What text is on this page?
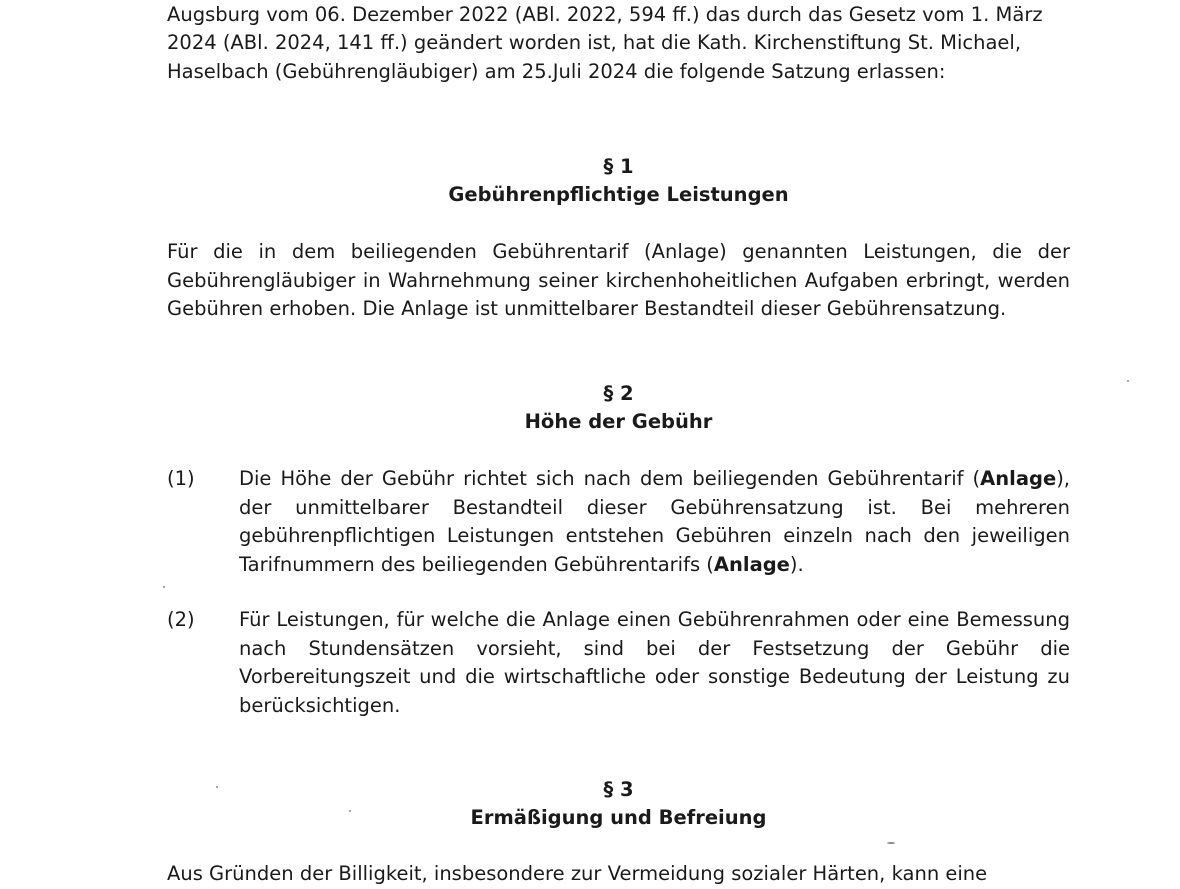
Augsburg vom 06. Dezember 2022 (ABl. 2022, 594 ff.) das durch das Gesetz vom 1. März
2024 (ABl. 2024, 141 ff.) geändert worden ist, hat die Kath. Kirchenstiftung St. Michael,
Haselbach (Gebührengläubiger) am 25.Juli 2024 die folgende Satzung erlassen:
§ 1
Gebührenpflichtige Leistungen
Für die in dem beiliegenden Gebührentarif (Anlage) genannten Leistungen, die der Gebührengläubiger in Wahrnehmung seiner kirchenhoheitlichen Aufgaben erbringt, werden Gebühren erhoben. Die Anlage ist unmittelbarer Bestandteil dieser Gebührensatzung.
§ 2
Höhe der Gebühr
(1)	Die Höhe der Gebühr richtet sich nach dem beiliegenden Gebührentarif (Anlage), der unmittelbarer Bestandteil dieser Gebührensatzung ist. Bei mehreren gebührenpflichtigen Leistungen entstehen Gebühren einzeln nach den jeweiligen Tarifnummern des beiliegenden Gebührentarifs (Anlage).
(2)	Für Leistungen, für welche die Anlage einen Gebührenrahmen oder eine Bemessung nach Stundensätzen vorsieht, sind bei der Festsetzung der Gebühr die Vorbereitungszeit und die wirtschaftliche oder sonstige Bedeutung der Leistung zu berücksichtigen.
§ 3
Ermäßigung und Befreiung
Aus Gründen der Billigkeit, insbesondere zur Vermeidung sozialer Härten, kann eine
